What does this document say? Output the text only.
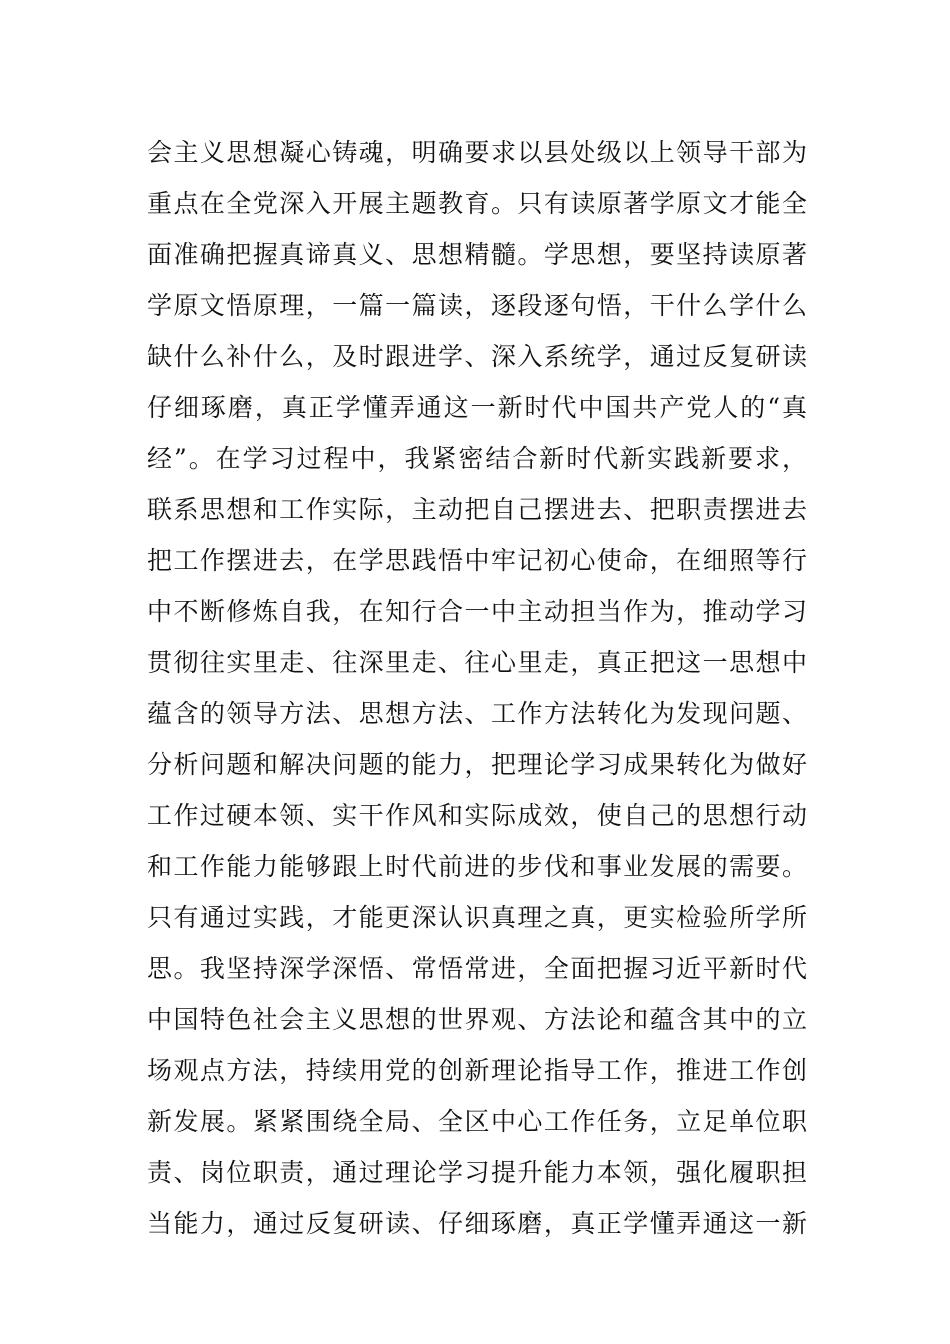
会主义思想凝心铸魂，明确要求以县处级以上领导干部为
重点在全党深入开展主题教育。只有读原著学原文才能全
面准确把握真谛真义、思想精髓。学思想，要坚持读原著
学原文悟原理，一篇一篇读，逐段逐句悟，干什么学什么
缺什么补什么，及时跟进学、深入系统学，通过反复研读
仔细琢磨，真正学懂弄通这一新时代中国共产党人的“真
经”。在学习过程中，我紧密结合新时代新实践新要求，
联系思想和工作实际，主动把自己摆进去、把职责摆进去
把工作摆进去，在学思践悟中牢记初心使命，在细照等行
中不断修炼自我，在知行合一中主动担当作为，推动学习
贯彻往实里走、往深里走、往心里走，真正把这一思想中
蕴含的领导方法、思想方法、工作方法转化为发现问题、
分析问题和解决问题的能力，把理论学习成果转化为做好
工作过硬本领、实干作风和实际成效，使自己的思想行动
和工作能力能够跟上时代前进的步伐和事业发展的需要。
只有通过实践，才能更深认识真理之真，更实检验所学所
思。我坚持深学深悟、常悟常进，全面把握习近平新时代
中国特色社会主义思想的世界观、方法论和蕴含其中的立
场观点方法，持续用党的创新理论指导工作，推进工作创
新发展。紧紧围绕全局、全区中心工作任务，立足单位职
责、岗位职责，通过理论学习提升能力本领，强化履职担
当能力，通过反复研读、仔细琢磨，真正学懂弄通这一新
